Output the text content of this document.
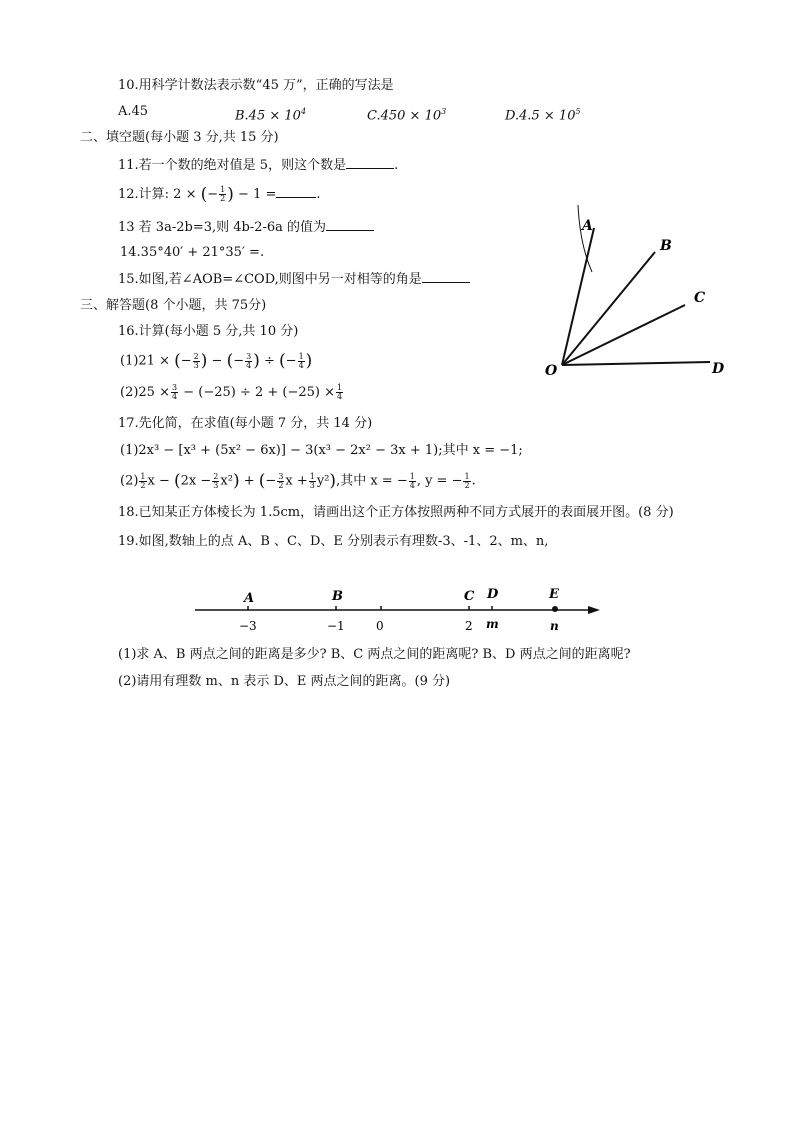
10.用科学计数法表示数“45 万”，正确的写法是
A.45	$B.45 \times 10^4$	$C.450 \times 10^3$	$D.4.5 \times 10^5$
二、填空题(每小题 3 分,共 15 分)
11.若一个数的绝对值是 5，则这个数是	.
12.计算: 2 × (− $\frac{1}{2}$ ) − 1 =	.
13 若 3a-2b=3,则 4b-2-6a 的值为
14.35°40′ + 21°35′ =.
15.如图,若∠AOB=∠COD,则图中另一对相等的角是
三、解答题(8 个小题，共 75分)
16.计算(每小题 5 分,共 10 分)
(1)21 × (− $\frac{2}{3}$ ) − (− $\frac{3}{4}$ ) ÷ (− $\frac{1}{4}$ )
$(2)25 \times \frac{3}{4} - (-25) \div 2 + (-25) \times \frac{1}{4}$
17.先化简，在求值(每小题 7 分，共 14 分)
(1)2x³ − [x³ + (5x² − 6x)] − 3(x³ − 2x² − 3x + 1);其中 x = −1;
$(2) \frac{1}{2}$ $x - (2x - \frac{2}{3} x^2)$ + (− $\frac{3}{2}$ $x + \frac{1}{3} y^2$),其中 x = − $\frac{1}{4}$ , y = − $\frac{1}{2}$ .
18.已知某正方体棱长为 1.5cm，请画出这个正方体按照两种不同方式展开的表面展开图。(8 分)
19.如图,数轴上的点 A、B 、C、D、E 分别表示有理数-3、-1、2、m、n,
(1)求 A、B 两点之间的距离是多少? B、C 两点之间的距离呢? B、D 两点之间的距离呢?
(2)请用有理数 m、n 表示 D、E 两点之间的距离。(9 分)
A
B
C
D
O
A	B	C D	E
−3	−1	0	2 m	n
